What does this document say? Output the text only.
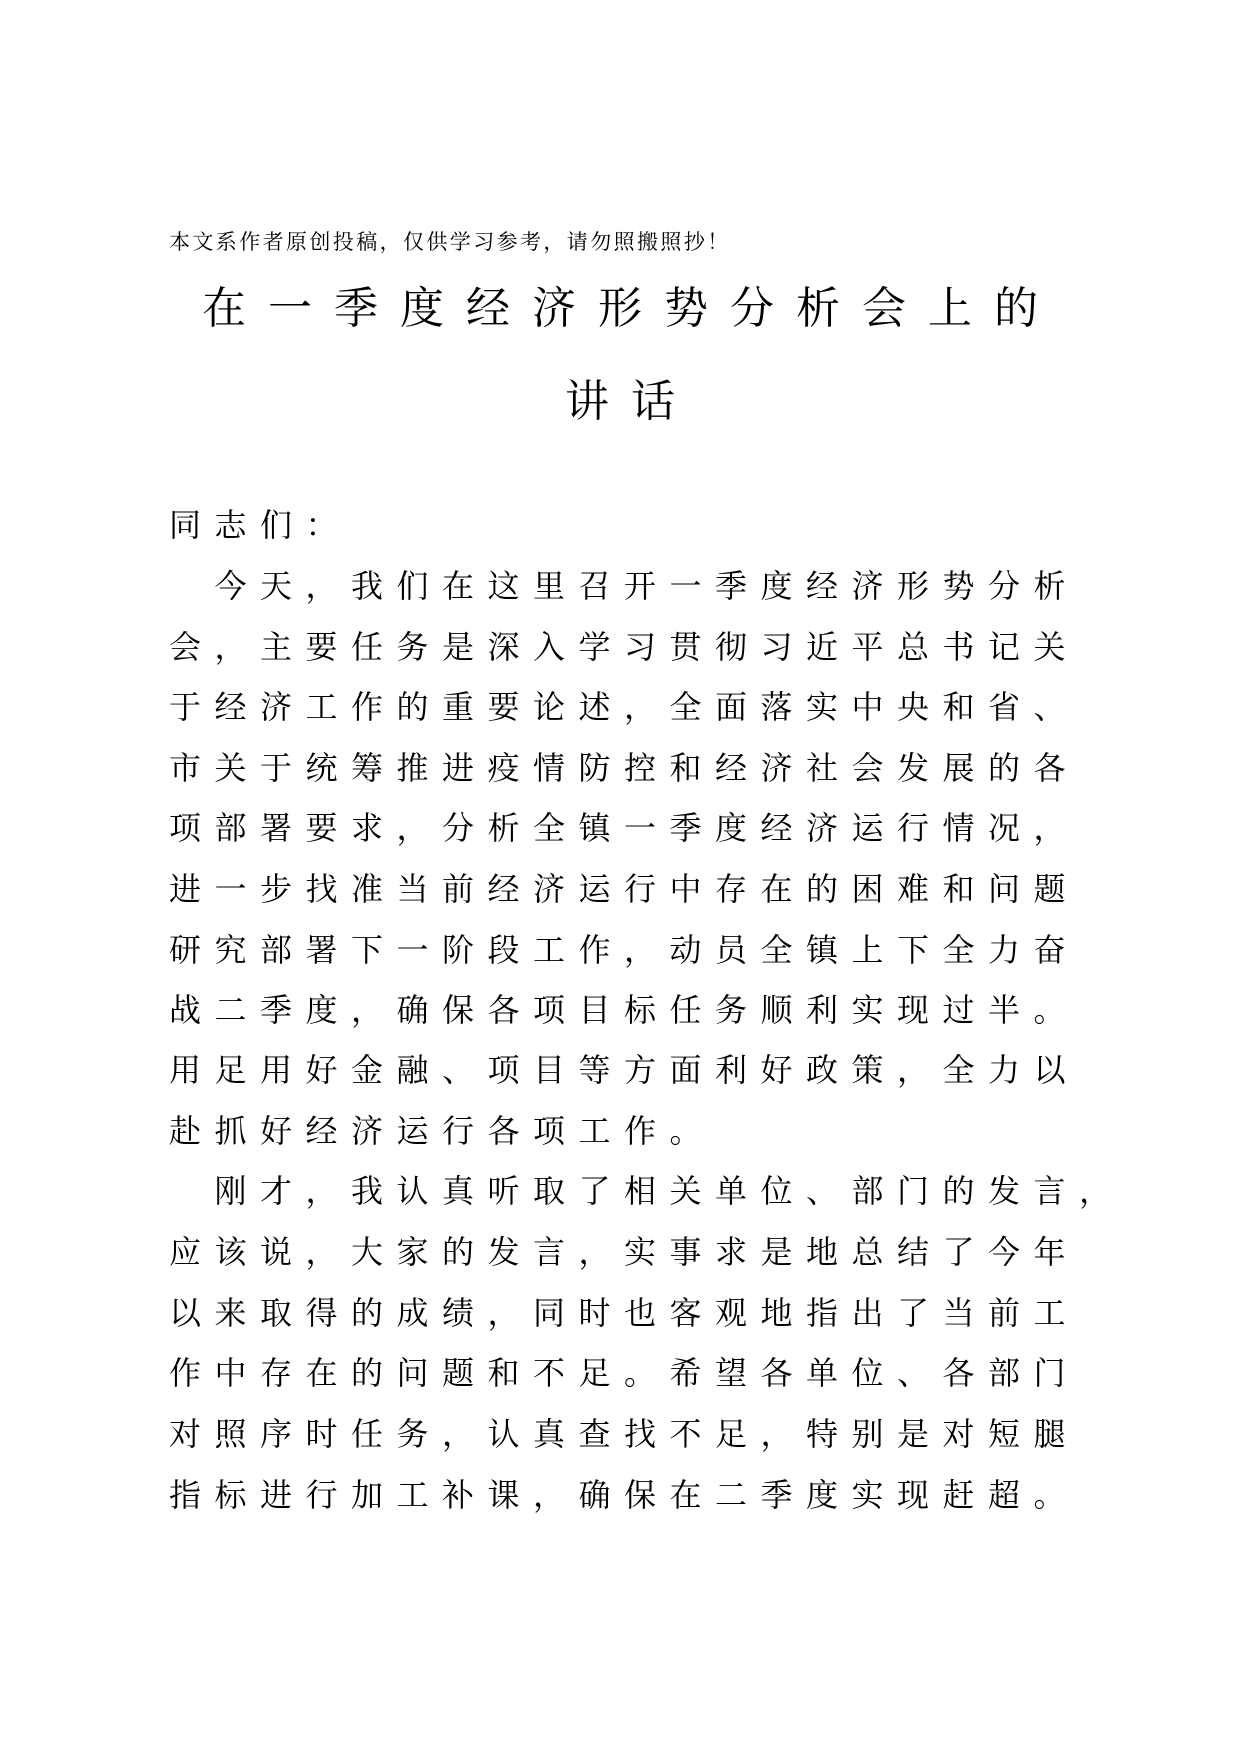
本文系作者原创投稿，仅供学习参考，请勿照搬照抄！
在一季度经济形势分析会上的
讲话
同志们：
　今天，我们在这里召开一季度经济形势分析
会，主要任务是深入学习贯彻习近平总书记关
于经济工作的重要论述，全面落实中央和省、
市关于统筹推进疫情防控和经济社会发展的各
项部署要求，分析全镇一季度经济运行情况，
进一步找准当前经济运行中存在的困难和问题
研究部署下一阶段工作，动员全镇上下全力奋
战二季度，确保各项目标任务顺利实现过半。
用足用好金融、项目等方面利好政策，全力以
赴抓好经济运行各项工作。
　刚才，我认真听取了相关单位、部门的发言，
应该说，大家的发言，实事求是地总结了今年
以来取得的成绩，同时也客观地指出了当前工
作中存在的问题和不足。希望各单位、各部门
对照序时任务，认真查找不足，特别是对短腿
指标进行加工补课，确保在二季度实现赶超。
